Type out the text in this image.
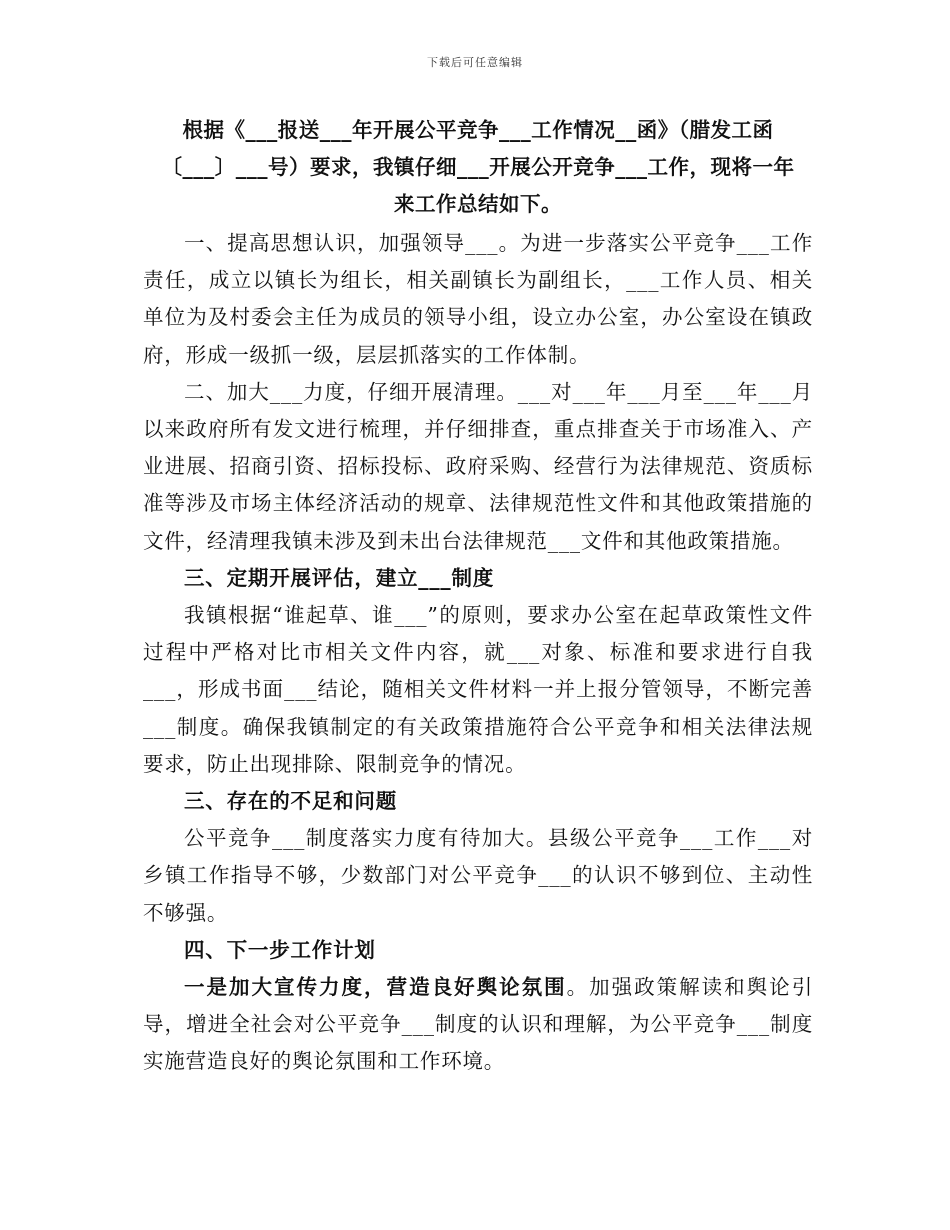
下载后可任意编辑
根据《___报送___年开展公平竞争___工作情况__函》（腊发工函
〔___〕___号）要求，我镇仔细___开展公开竞争___工作，现将一年
来工作总结如下。

一、提高思想认识，加强领导___。为进一步落实公平竞争___工作责任，成立以镇长为组长，相关副镇长为副组长，___工作人员、相关单位为及村委会主任为成员的领导小组，设立办公室，办公室设在镇政府，形成一级抓一级，层层抓落实的工作体制。

二、加大___力度，仔细开展清理。___对___年___月至___年___月以来政府所有发文进行梳理，并仔细排查，重点排查关于市场准入、产业进展、招商引资、招标投标、政府采购、经营行为法律规范、资质标准等涉及市场主体经济活动的规章、法律规范性文件和其他政策措施的文件，经清理我镇未涉及到未出台法律规范___文件和其他政策措施。

三、定期开展评估，建立___制度

我镇根据“谁起草、谁___”的原则，要求办公室在起草政策性文件过程中严格对比市相关文件内容，就___对象、标准和要求进行自我___，形成书面___结论，随相关文件材料一并上报分管领导，不断完善___制度。确保我镇制定的有关政策措施符合公平竞争和相关法律法规要求，防止出现排除、限制竞争的情况。

三、存在的不足和问题

公平竞争___制度落实力度有待加大。县级公平竞争___工作___对乡镇工作指导不够，少数部门对公平竞争___的认识不够到位、主动性不够强。

四、下一步工作计划

一是加大宣传力度，营造良好舆论氛围。加强政策解读和舆论引导，增进全社会对公平竞争___制度的认识和理解，为公平竞争___制度实施营造良好的舆论氛围和工作环境。
